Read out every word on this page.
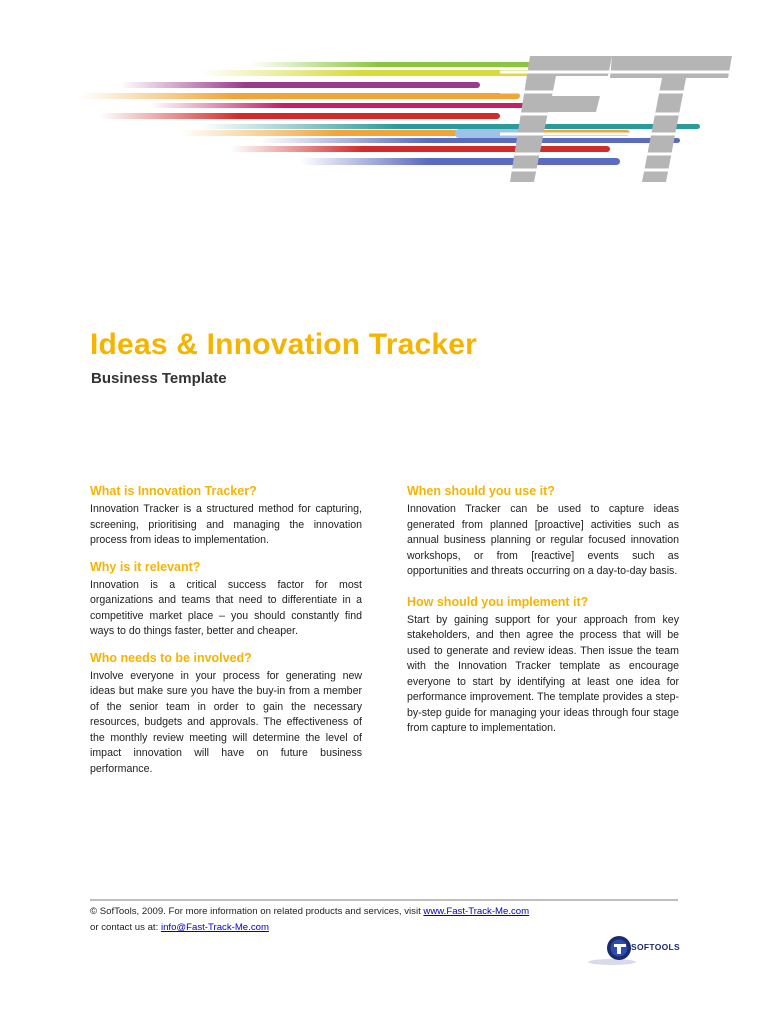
Ideas & Innovation Tracker
Business Template
What is Innovation Tracker?

Innovation Tracker is a structured method for capturing, screening, prioritising and managing the innovation process from ideas to implementation.

Why is it relevant?

Innovation is a critical success factor for most organizations and teams that need to differentiate in a competitive market place – you should constantly find ways to do things faster, better and cheaper.

Who needs to be involved?

Involve everyone in your process for generating new ideas but make sure you have the buy-in from a member of the senior team in order to gain the necessary resources, budgets and approvals. The effectiveness of the monthly review meeting will determine the level of impact innovation will have on future business performance.

When should you use it?

Innovation Tracker can be used to capture ideas generated from planned [proactive] activities such as annual business planning or regular focused innovation workshops, or from [reactive] events such as opportunities and threats occurring on a day-to-day basis.

How should you implement it?

Start by gaining support for your approach from key stakeholders, and then agree the process that will be used to generate and review ideas. Then issue the team with the Innovation Tracker template as encourage everyone to start by identifying at least one idea for performance improvement. The template provides a step-by-step guide for managing your ideas through four stage from capture to implementation.

© SofTools, 2009. For more information on related products and services, visit www.Fast-Track-Me.com
or contact us at: info@Fast-Track-Me.com
SOFTOOLS
